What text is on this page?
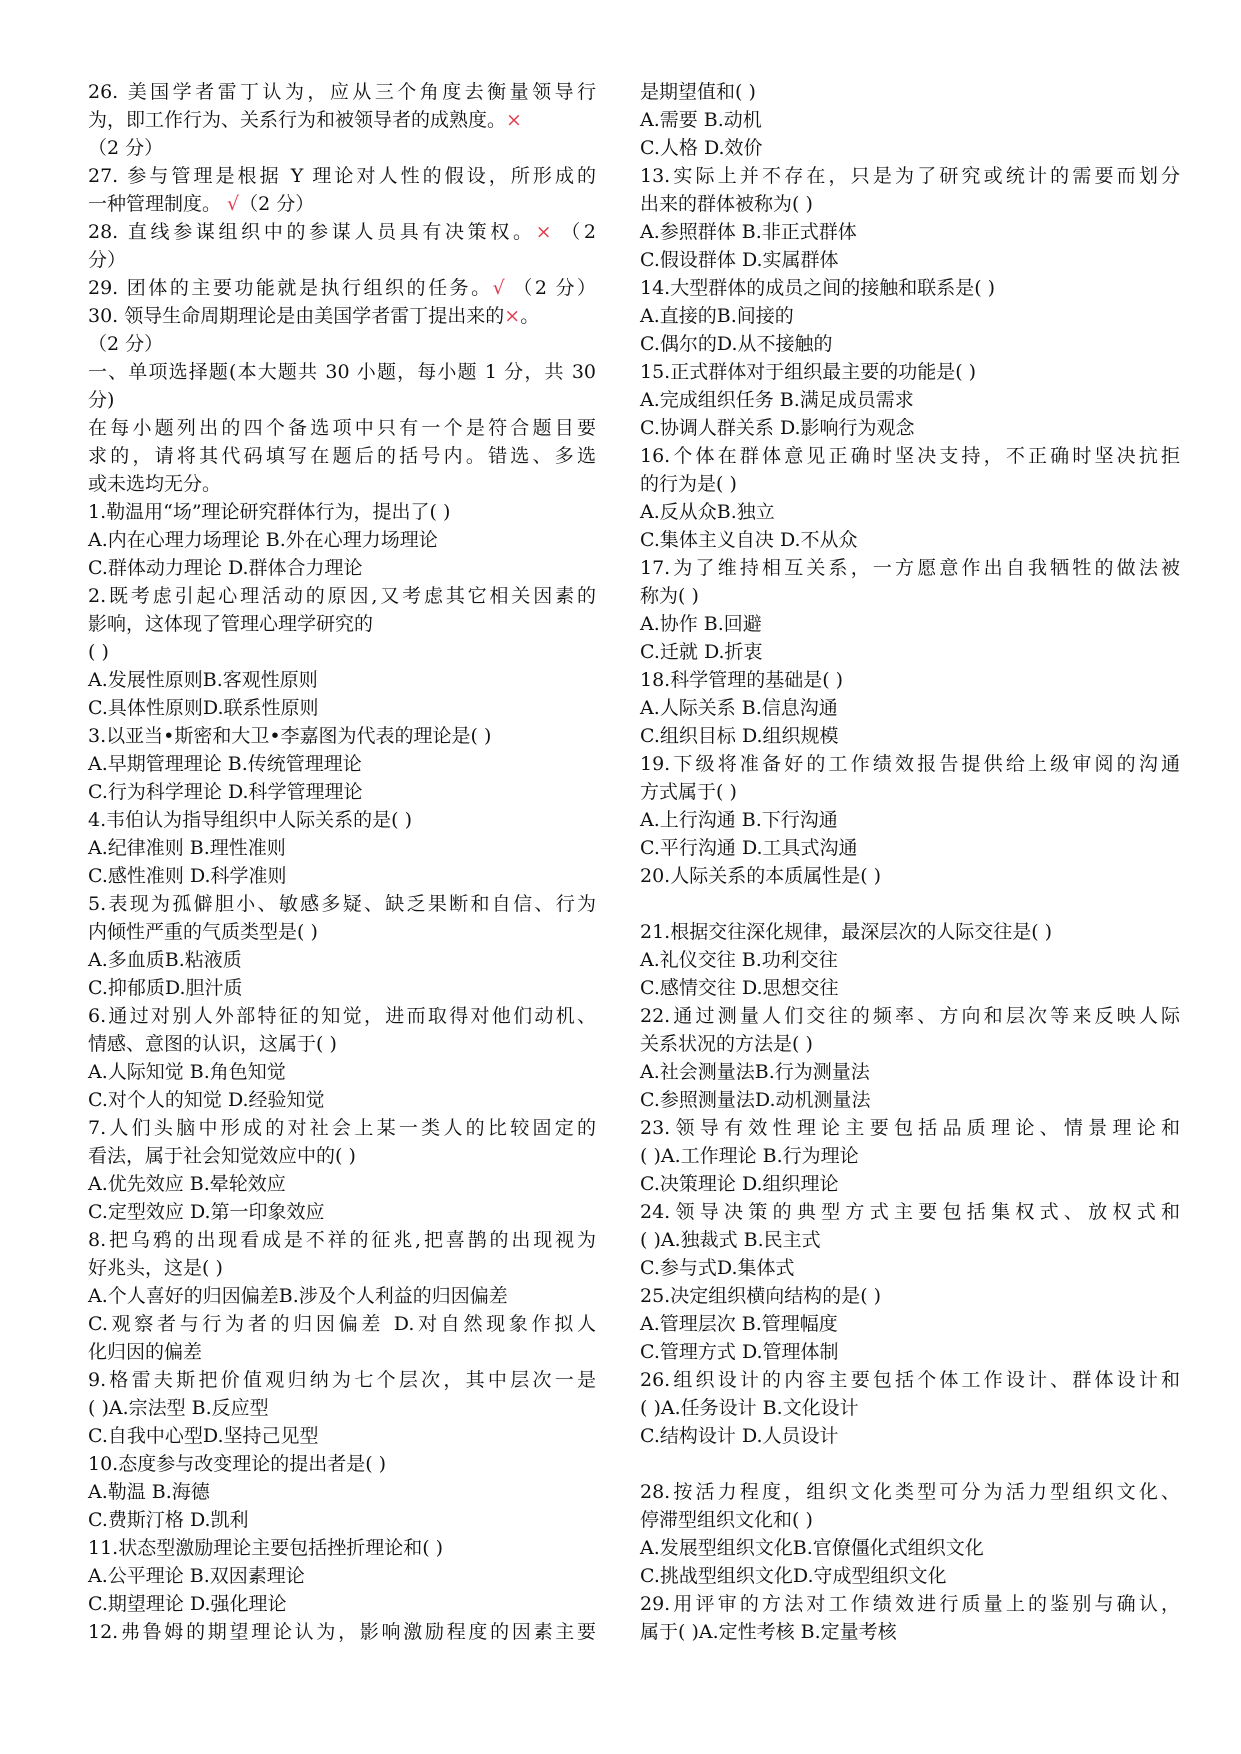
26. 美国学者雷丁认为，应从三个角度去衡量领导行
为，即工作行为、关系行为和被领导者的成熟度。×
（2 分）
27. 参与管理是根据 Y 理论对人性的假设，所形成的
一种管理制度。 √（2 分）
28. 直线参谋组织中的参谋人员具有决策权。× （2
分）
29. 团体的主要功能就是执行组织的任务。√ （2 分）
30. 领导生命周期理论是由美国学者雷丁提出来的×。
（2 分）
一、单项选择题(本大题共 30 小题，每小题 1 分，共 30
分)
在每小题列出的四个备选项中只有一个是符合题目要
求的，请将其代码填写在题后的括号内。错选、多选
或未选均无分。
1.勒温用“场”理论研究群体行为，提出了( )
A.内在心理力场理论 B.外在心理力场理论
C.群体动力理论 D.群体合力理论
2.既考虑引起心理活动的原因,又考虑其它相关因素的
影响，这体现了管理心理学研究的
( )
A.发展性原则B.客观性原则
C.具体性原则D.联系性原则
3.以亚当•斯密和大卫•李嘉图为代表的理论是( )
A.早期管理理论 B.传统管理理论
C.行为科学理论 D.科学管理理论
4.韦伯认为指导组织中人际关系的是( )
A.纪律准则 B.理性准则
C.感性准则 D.科学准则
5.表现为孤僻胆小、敏感多疑、缺乏果断和自信、行为
内倾性严重的气质类型是( )
A.多血质B.粘液质
C.抑郁质D.胆汁质
6.通过对别人外部特征的知觉，进而取得对他们动机、
情感、意图的认识，这属于( )
A.人际知觉 B.角色知觉
C.对个人的知觉 D.经验知觉
7.人们头脑中形成的对社会上某一类人的比较固定的
看法，属于社会知觉效应中的( )
A.优先效应 B.晕轮效应
C.定型效应 D.第一印象效应
8.把乌鸦的出现看成是不祥的征兆,把喜鹊的出现视为
好兆头，这是( )
A.个人喜好的归因偏差B.涉及个人利益的归因偏差
C.观察者与行为者的归因偏差 D.对自然现象作拟人
化归因的偏差
9.格雷夫斯把价值观归纳为七个层次，其中层次一是
( )A.宗法型 B.反应型
C.自我中心型D.坚持己见型
10.态度参与改变理论的提出者是( )
A.勒温 B.海德
C.费斯汀格 D.凯利
11.状态型激励理论主要包括挫折理论和( )
A.公平理论 B.双因素理论
C.期望理论 D.强化理论
12.弗鲁姆的期望理论认为，影响激励程度的因素主要
是期望值和( )
A.需要 B.动机
C.人格 D.效价
13.实际上并不存在，只是为了研究或统计的需要而划分
出来的群体被称为( )
A.参照群体 B.非正式群体
C.假设群体 D.实属群体
14.大型群体的成员之间的接触和联系是( )
A.直接的B.间接的
C.偶尔的D.从不接触的
15.正式群体对于组织最主要的功能是( )
A.完成组织任务 B.满足成员需求
C.协调人群关系 D.影响行为观念
16.个体在群体意见正确时坚决支持，不正确时坚决抗拒
的行为是( )
A.反从众B.独立
C.集体主义自决 D.不从众
17.为了维持相互关系，一方愿意作出自我牺牲的做法被
称为( )
A.协作 B.回避
C.迁就 D.折衷
18.科学管理的基础是( )
A.人际关系 B.信息沟通
C.组织目标 D.组织规模
19.下级将准备好的工作绩效报告提供给上级审阅的沟通
方式属于( )
A.上行沟通 B.下行沟通
C.平行沟通 D.工具式沟通
20.人际关系的本质属性是( )
21.根据交往深化规律，最深层次的人际交往是( )
A.礼仪交往 B.功利交往
C.感情交往 D.思想交往
22.通过测量人们交往的频率、方向和层次等来反映人际
关系状况的方法是( )
A.社会测量法B.行为测量法
C.参照测量法D.动机测量法
23.领导有效性理论主要包括品质理论、情景理论和
( )A.工作理论 B.行为理论
C.决策理论 D.组织理论
24.领导决策的典型方式主要包括集权式、放权式和
( )A.独裁式 B.民主式
C.参与式D.集体式
25.决定组织横向结构的是( )
A.管理层次 B.管理幅度
C.管理方式 D.管理体制
26.组织设计的内容主要包括个体工作设计、群体设计和
( )A.任务设计 B.文化设计
C.结构设计 D.人员设计
28.按活力程度，组织文化类型可分为活力型组织文化、
停滞型组织文化和( )
A.发展型组织文化B.官僚僵化式组织文化
C.挑战型组织文化D.守成型组织文化
29.用评审的方法对工作绩效进行质量上的鉴别与确认，
属于( )A.定性考核 B.定量考核
